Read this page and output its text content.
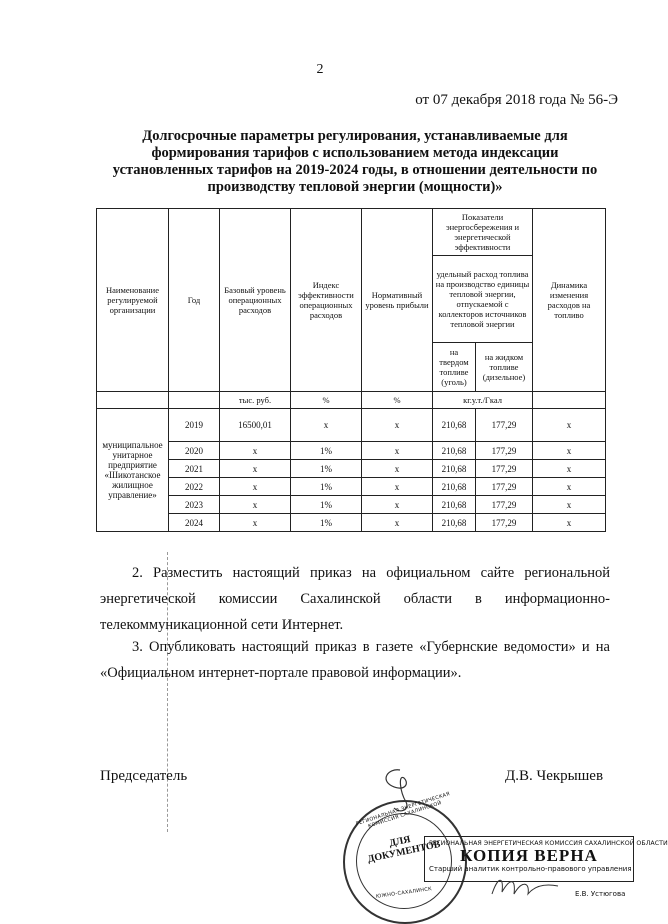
2
от 07 декабря 2018 года № 56-Э
Долгосрочные параметры регулирования, устанавливаемые для
формирования тарифов с использованием метода индексации
установленных тарифов на 2019-2024 годы, в отношении деятельности по
производству тепловой энергии (мощности)»
Наименование регулируемой организации	Год	Базовый уровень операционных расходов	Индекс эффективности операционных расходов	Нормативный уровень прибыли	Показатели энергосбережения и энергетической эффективности		Динамика изменения расходов на топливо
					удельный расход топлива на производство единицы тепловой энергии, отпускаемой с коллекторов источников тепловой энергии		
					на твердом топливе (уголь)	на жидком топливе (дизельное)	
		тыс. руб.	%	%	кг.у.т./Гкал		
муниципальное унитарное предприятие «Шикотанское жилищное управление»	2019	16500,01	x	x	210,68	177,29	x
	2020	x	1%	x	210,68	177,29	x
	2021	x	1%	x	210,68	177,29	x
	2022	x	1%	x	210,68	177,29	x
	2023	x	1%	x	210,68	177,29	x
	2024	x	1%	x	210,68	177,29	x
2. Разместить настоящий приказ на официальном сайте региональной
энергетической комиссии Сахалинской области в информационно-
телекоммуникационной сети Интернет.
3. Опубликовать настоящий приказ в газете «Губернские ведомости» и на
«Официальном интернет-портале правовой информации».
Председатель	Д.В. Чекрышев
РЕГИОНАЛЬНАЯ ЭНЕРГЕТИЧЕСКАЯ КОМИССИЯ САХАЛИНСКОЙ
ЮЖНО-САХАЛИНСК
ДЛЯ ДОКУМЕНТОВ
РЕГИОНАЛЬНАЯ ЭНЕРГЕТИЧЕСКАЯ КОМИССИЯ САХАЛИНСКОЙ ОБЛАСТИ
КОПИЯ ВЕРНА
Старший аналитик контрольно-правового управления
Е.В. Устюгова
